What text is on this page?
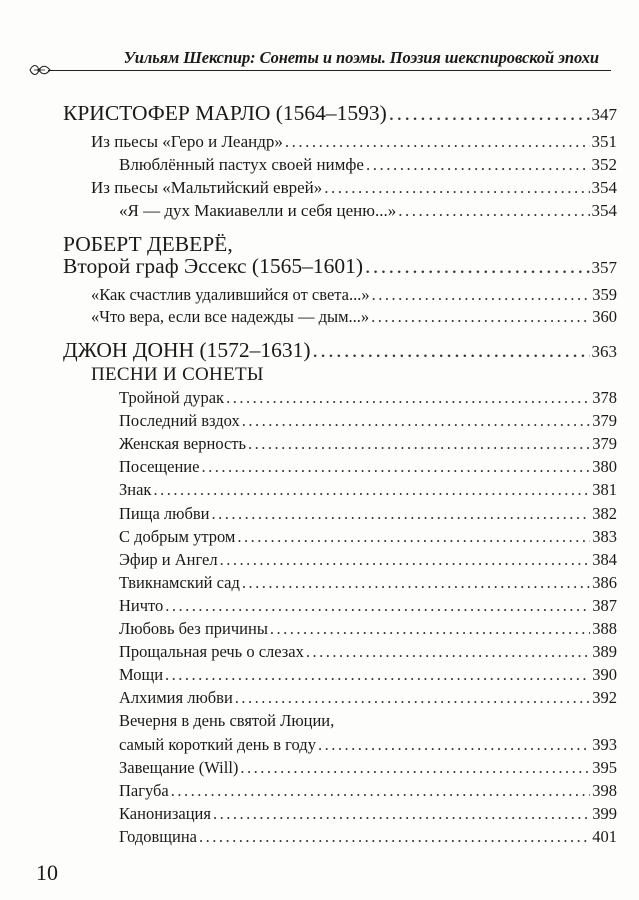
Уильям Шекспир: Сонеты и поэмы. Поэзия шекспировской эпохи
КРИСТОФЕР МАРЛО (1564–1593) .....	347
Из пьесы «Геро и Леандр» .....	351
Влюблённый пастух своей нимфе .....	352
Из пьесы «Мальтийский еврей» .....	354
«Я — дух Макиавелли и себя ценю...» .....	354
РОБЕРТ ДЕВЕРЁ,
Второй граф Эссекс (1565–1601) .....	357
«Как счастлив удалившийся от света...» .....	359
«Что вера, если все надежды — дым...» .....	360
ДЖОН ДОНН (1572–1631) .....	363
ПЕСНИ И СОНЕТЫ
Тройной дурак .....	378
Последний вздох .....	379
Женская верность .....	379
Посещение .....	380
Знак .....	381
Пища любви .....	382
С добрым утром .....	383
Эфир и Ангел .....	384
Твикнамский сад .....	386
Ничто .....	387
Любовь без причины .....	388
Прощальная речь о слезах .....	389
Мощи .....	390
Алхимия любви .....	392
Вечерня в день святой Люции,
самый короткий день в году .....	393
Завещание (Will) .....	395
Пагуба .....	398
Канонизация .....	399
Годовщина .....	401
10
